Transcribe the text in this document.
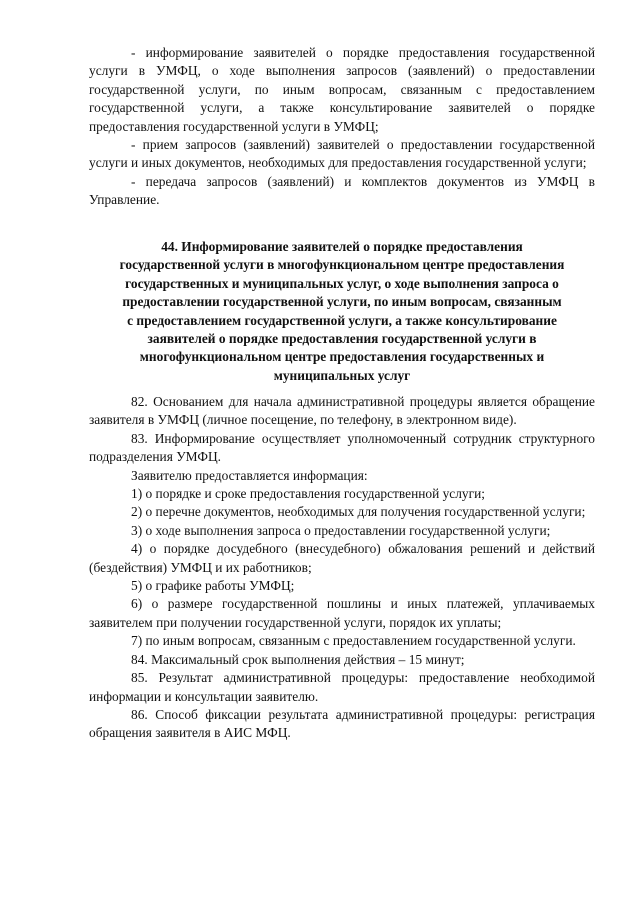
- информирование заявителей о порядке предоставления государственной услуги в УМФЦ, о ходе выполнения запросов (заявлений) о предоставлении государственной услуги, по иным вопросам, связанным с предоставлением государственной услуги, а также консультирование заявителей о порядке предоставления государственной услуги в УМФЦ;

- прием запросов (заявлений) заявителей о предоставлении государственной услуги и иных документов, необходимых для предоставления государственной услуги;

- передача запросов (заявлений) и комплектов документов из УМФЦ в Управление.

44. Информирование заявителей о порядке предоставления
государственной услуги в многофункциональном центре предоставления
государственных и муниципальных услуг, о ходе выполнения запроса о
предоставлении государственной услуги, по иным вопросам, связанным
с предоставлением государственной услуги, а также консультирование
заявителей о порядке предоставления государственной услуги в
многофункциональном центре предоставления государственных и
муниципальных услуг

82. Основанием для начала административной процедуры является обращение заявителя в УМФЦ (личное посещение, по телефону, в электронном виде).

83. Информирование осуществляет уполномоченный сотрудник структурного подразделения УМФЦ.

Заявителю предоставляется информация:

1) о порядке и сроке предоставления государственной услуги;

2) о перечне документов, необходимых для получения государственной услуги;

3) о ходе выполнения запроса о предоставлении государственной услуги;

4) о порядке досудебного (внесудебного) обжалования решений и действий (бездействия) УМФЦ и их работников;

5) о графике работы УМФЦ;

6) о размере государственной пошлины и иных платежей, уплачиваемых заявителем при получении государственной услуги, порядок их уплаты;

7) по иным вопросам, связанным с предоставлением государственной услуги.

84. Максимальный срок выполнения действия – 15 минут;

85. Результат административной процедуры: предоставление необходимой информации и консультации заявителю.

86. Способ фиксации результата административной процедуры: регистрация обращения заявителя в АИС МФЦ.
